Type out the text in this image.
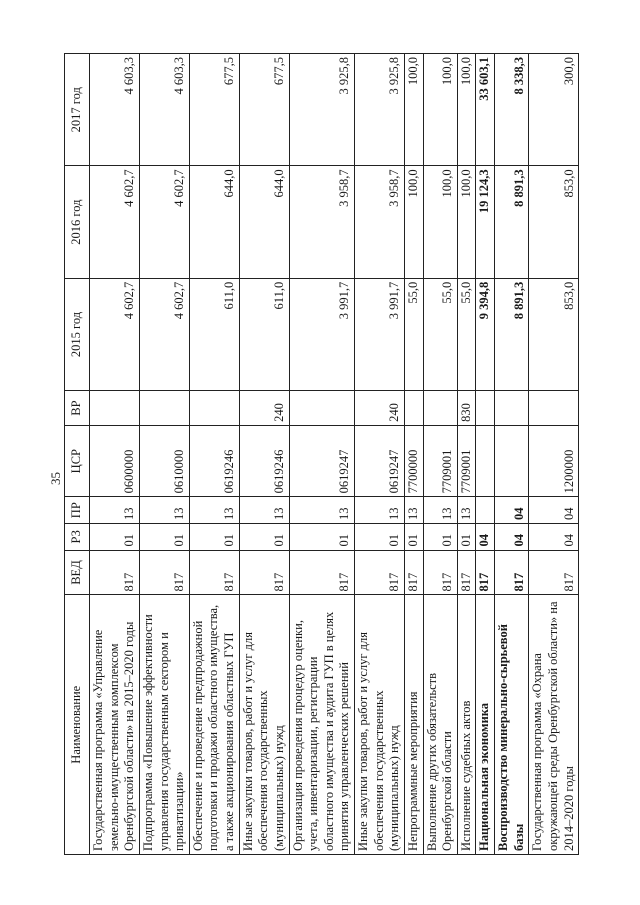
35
Наименование	ВЕД	РЗ	ПР	ЦСР	ВР	2015 год	2016 год	2017 год
Государственная программа «Управление земельно-имущественным комплексом Оренбургской области» на 2015–2020 годы	817	01	13	0600000		4 602,7	4 602,7	4 603,3
Подпрограмма «Повышение эффективности управления государственным сектором и приватизации»	817	01	13	0610000		4 602,7	4 602,7	4 603,3
Обеспечение и проведение предпродажной подготовки и продажи областного имущества, а также акционирования областных ГУП	817	01	13	0619246		611,0	644,0	677,5
Иные закупки товаров, работ и услуг для обеспечения государственных (муниципальных) нужд	817	01	13	0619246	240	611,0	644,0	677,5
Организация проведения процедур оценки, учета, инвентаризации, регистрации областного имущества и аудита ГУП в целях принятия управленческих решений	817	01	13	0619247		3 991,7	3 958,7	3 925,8
Иные закупки товаров, работ и услуг для обеспечения государственных (муниципальных) нужд	817	01	13	0619247	240	3 991,7	3 958,7	3 925,8
Непрограммные мероприятия	817	01	13	7700000		55,0	100,0	100,0
Выполнение других обязательств Оренбургской области	817	01	13	7709001		55,0	100,0	100,0
Исполнение судебных актов	817	01	13	7709001	830	55,0	100,0	100,0
Национальная экономика	817	04				9 394,8	19 124,3	33 603,1
Воспроизводство минерально-сырьевой базы	817	04	04			8 891,3	8 891,3	8 338,3
Государственная программа «Охрана окружающей среды Оренбургской области» на 2014–2020 годы	817	04	04	1200000		853,0	853,0	300,0
